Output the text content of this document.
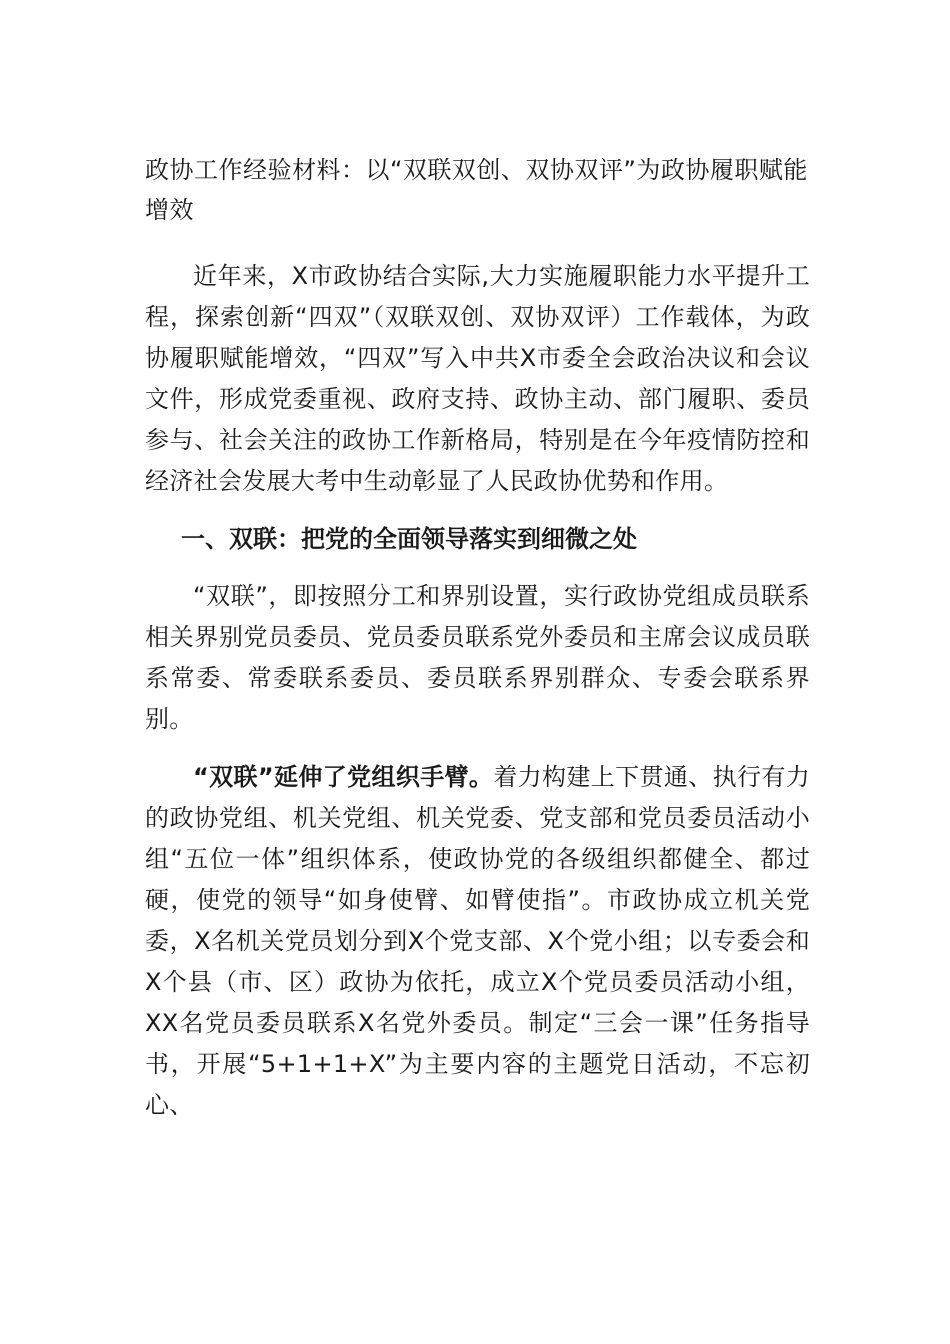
政协工作经验材料：以“双联双创、双协双评”为政协履职赋能增效

近年来，X市政协结合实际,大力实施履职能力水平提升工程，探索创新“四双”（双联双创、双协双评）工作载体，为政协履职赋能增效，“四双”写入中共X市委全会政治决议和会议文件，形成党委重视、政府支持、政协主动、部门履职、委员参与、社会关注的政协工作新格局，特别是在今年疫情防控和经济社会发展大考中生动彰显了人民政协优势和作用。

一、双联：把党的全面领导落实到细微之处

“双联”，即按照分工和界别设置，实行政协党组成员联系相关界别党员委员、党员委员联系党外委员和主席会议成员联系常委、常委联系委员、委员联系界别群众、专委会联系界别。

“双联”延伸了党组织手臂。着力构建上下贯通、执行有力的政协党组、机关党组、机关党委、党支部和党员委员活动小组“五位一体”组织体系，使政协党的各级组织都健全、都过硬，使党的领导“如身使臂、如臂使指”。市政协成立机关党委，X名机关党员划分到X个党支部、X个党小组；以专委会和X个县（市、区）政协为依托，成立X个党员委员活动小组，XX名党员委员联系X名党外委员。制定“三会一课”任务指导书，开展“5+1+1+X”为主要内容的主题党日活动，不忘初心、
